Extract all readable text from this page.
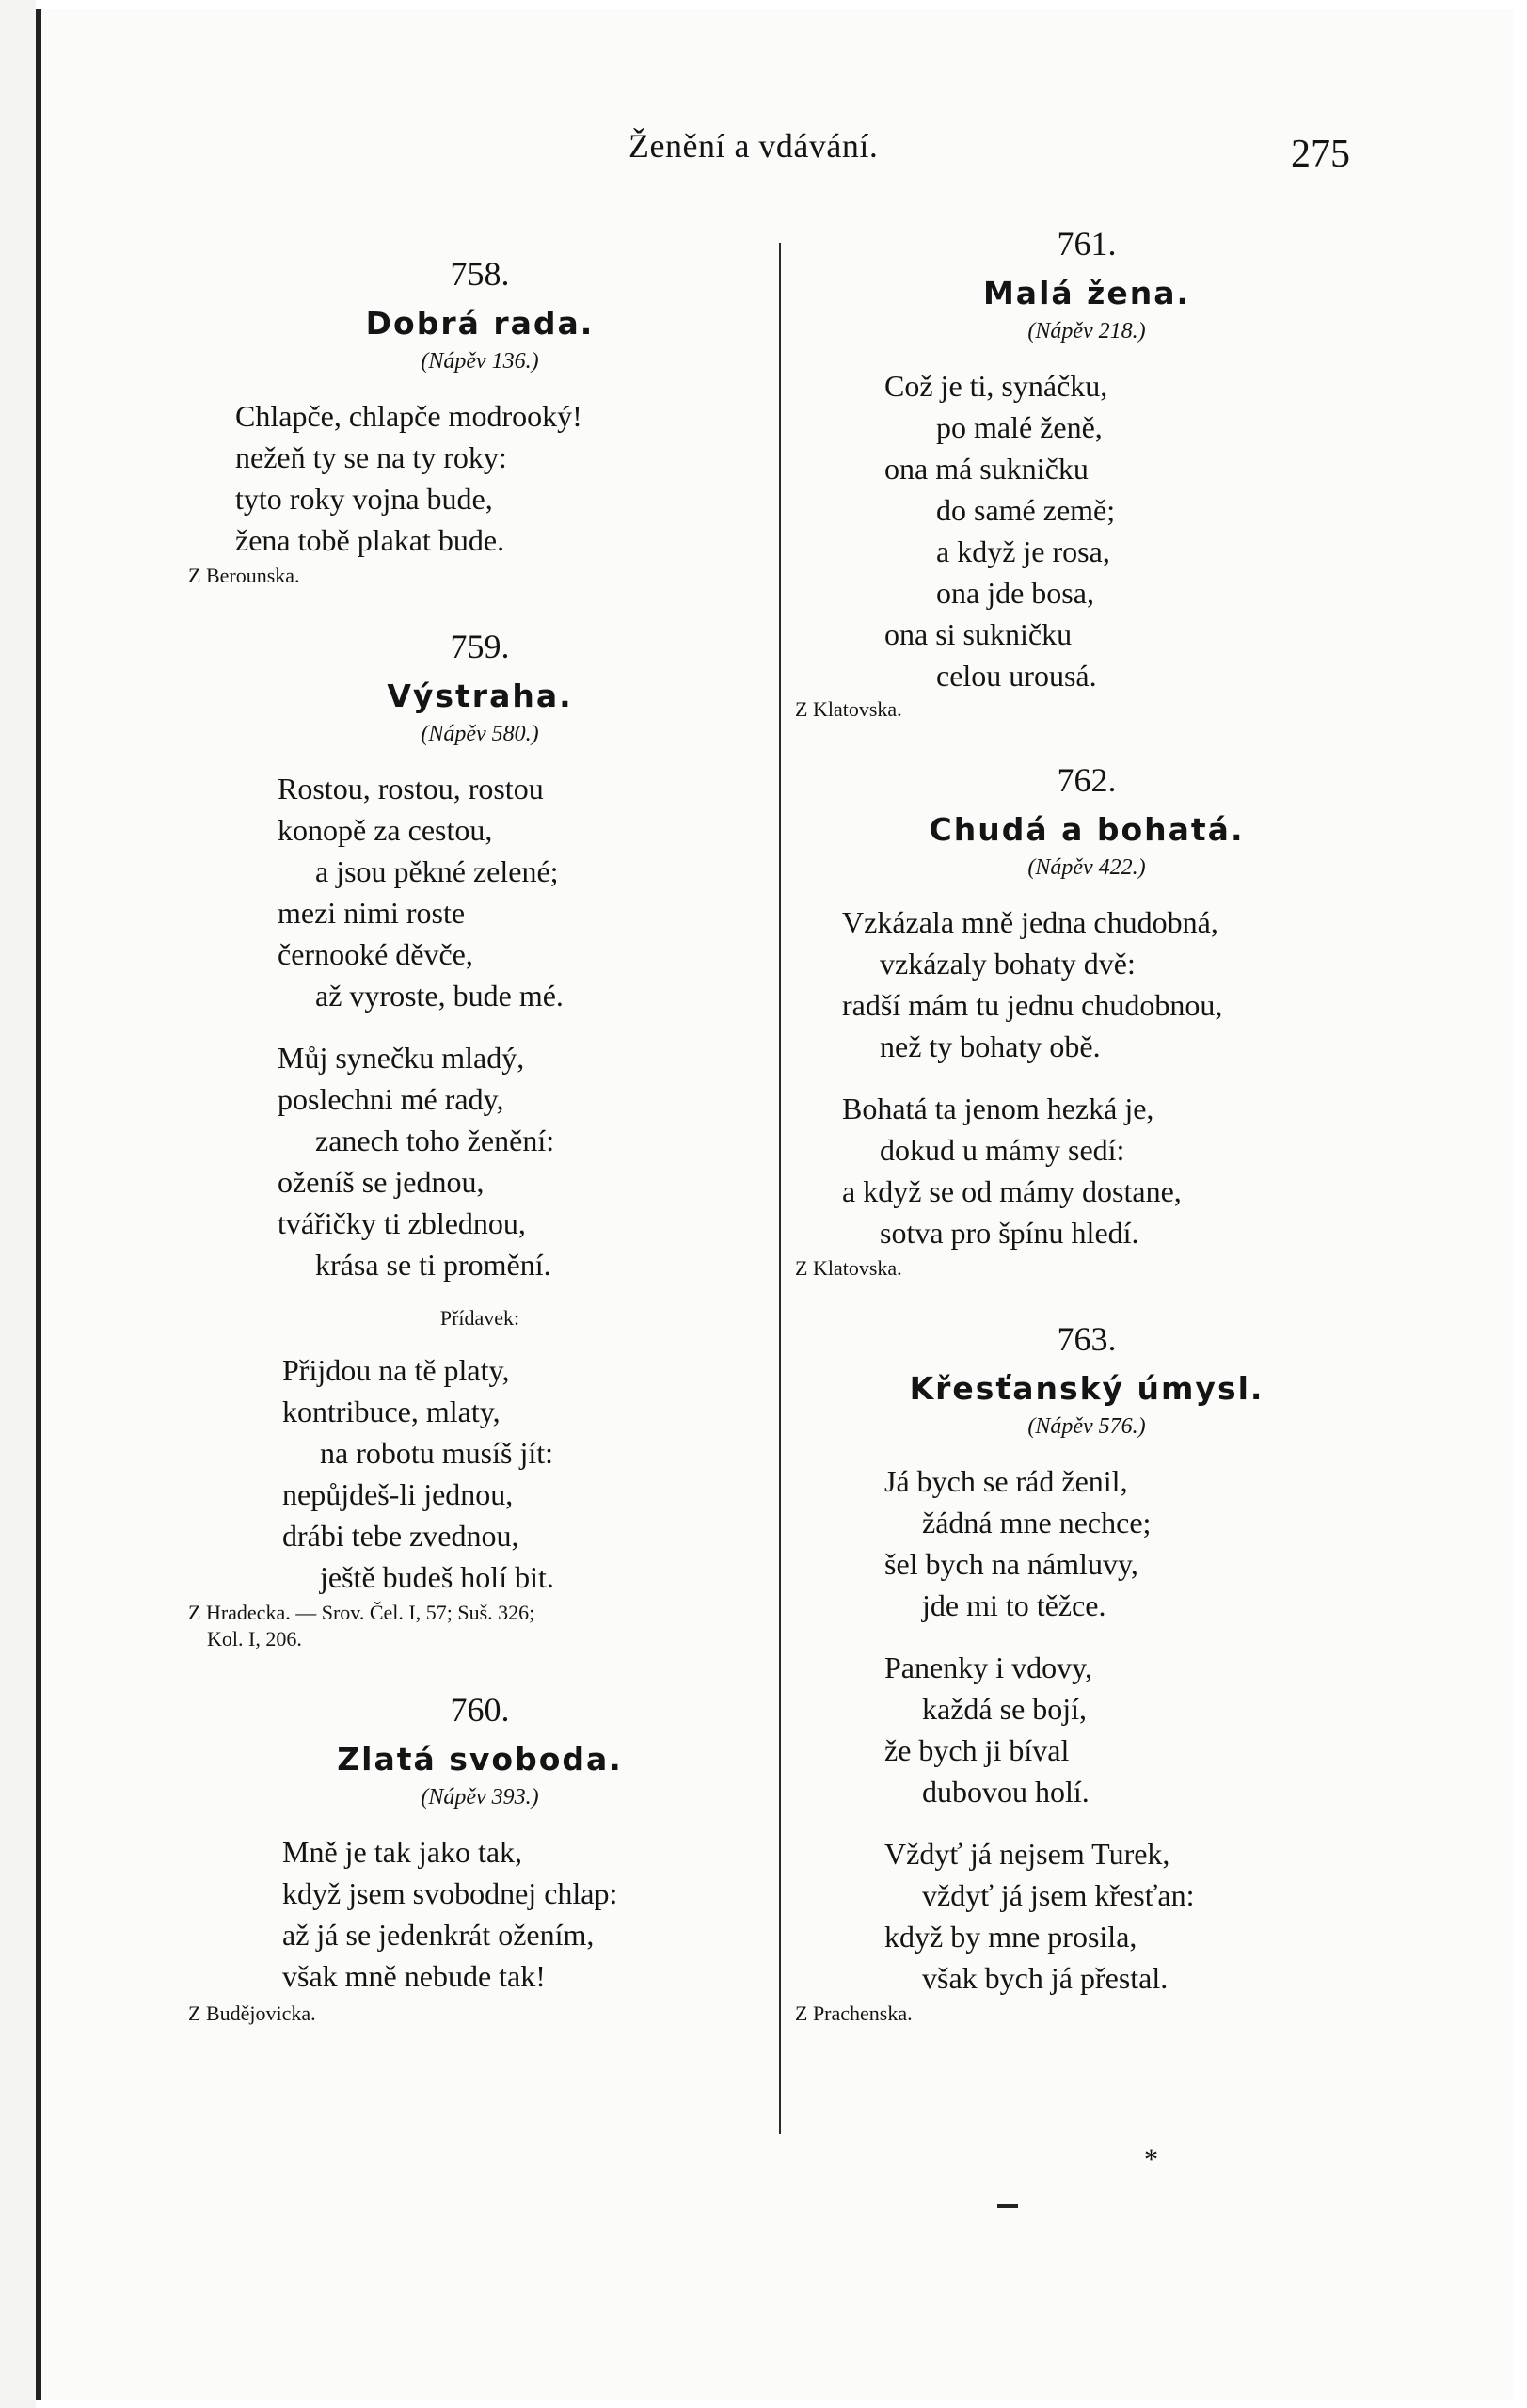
Ženění a vdávání.	275
758.
Dobrá rada.
(Nápěv 136.)
Chlapče, chlapče modrooký!
nežeň ty se na ty roky:
tyto roky vojna bude,
žena tobě plakat bude.
Z Berounska.
759.
Výstraha.
(Nápěv 580.)
Rostou, rostou, rostou
konopě za cestou,
a jsou pěkné zelené;
mezi nimi roste
černooké děvče,
až vyroste, bude mé.
Můj synečku mladý,
poslechni mé rady,
zanech toho ženění:
oženíš se jednou,
tvářičky ti zblednou,
krása se ti promění.
Přídavek:
Přijdou na tě platy,
kontribuce, mlaty,
na robotu musíš jít:
nepůjdeš-li jednou,
drábi tebe zvednou,
ještě budeš holí bit.
Z Hradecka. — Srov. Čel. I, 57; Suš. 326;
Kol. I, 206.
760.
Zlatá svoboda.
(Nápěv 393.)
Mně je tak jako tak,
když jsem svobodnej chlap:
až já se jedenkrát ožením,
však mně nebude tak!
Z Budějovicka.
761.
Malá žena.
(Nápěv 218.)
Což je ti, synáčku,
po malé ženě,
ona má sukničku
do samé země;
a když je rosa,
ona jde bosa,
ona si sukničku
celou urousá.
Z Klatovska.
762.
Chudá a bohatá.
(Nápěv 422.)
Vzkázala mně jedna chudobná,
vzkázaly bohaty dvě:
radší mám tu jednu chudobnou,
než ty bohaty obě.
Bohatá ta jenom hezká je,
dokud u mámy sedí:
a když se od mámy dostane,
sotva pro špínu hledí.
Z Klatovska.
763.
Křesťanský úmysl.
(Nápěv 576.)
Já bych se rád ženil,
žádná mne nechce;
šel bych na námluvy,
jde mi to těžce.
Panenky i vdovy,
každá se bojí,
že bych ji bíval
dubovou holí.
Vždyť já nejsem Turek,
vždyť já jsem křesťan:
když by mne prosila,
však bych já přestal.
Z Prachenska.
*
